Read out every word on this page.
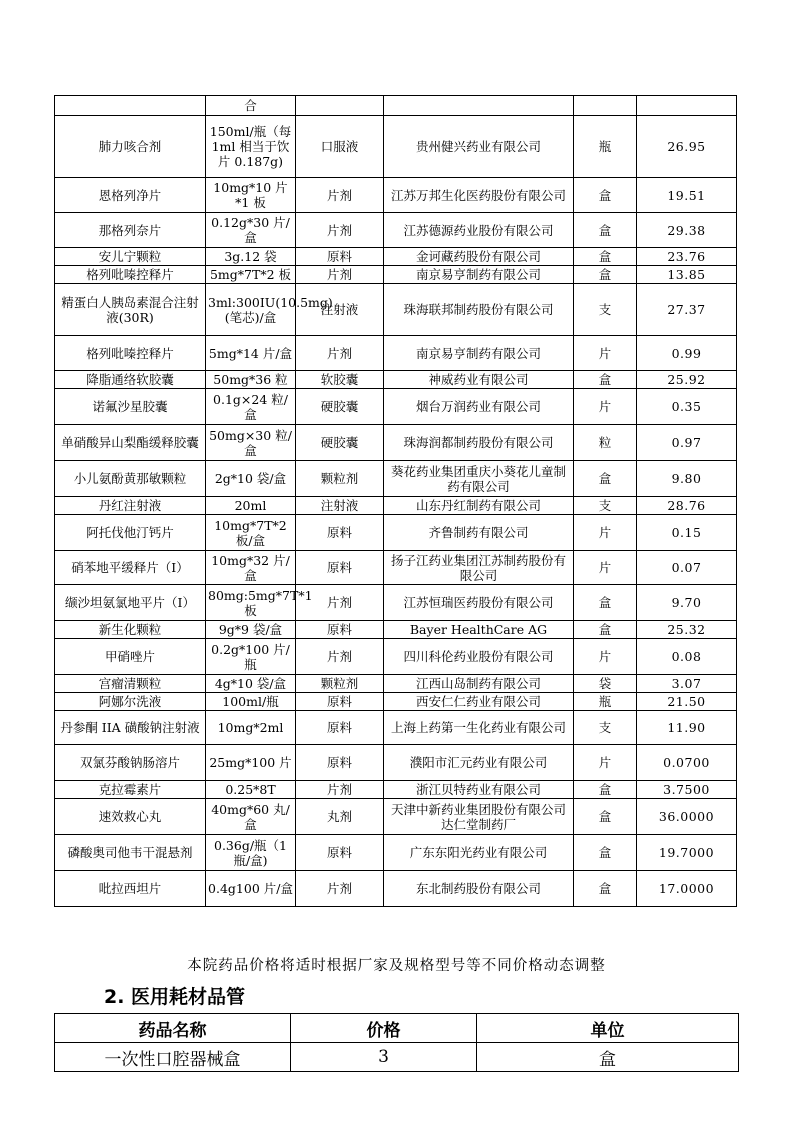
	合				
肺力咳合剂	150ml/瓶（每 1ml 相当于饮片 0.187g)	口服液	贵州健兴药业有限公司	瓶	26.95
恩格列净片	10mg*10 片*1 板	片剂	江苏万邦生化医药股份有限公司	盒	19.51
那格列奈片	0.12g*30 片/盒	片剂	江苏德源药业股份有限公司	盒	29.38
安儿宁颗粒	3g.12 袋	原料	金诃藏药股份有限公司	盒	23.76
格列吡嗪控释片	5mg*7T*2 板	片剂	南京易亨制药有限公司	盒	13.85
精蛋白人胰岛素混合注射液(30R)	3ml:300IU(10.5mg)(笔芯)/盒	注射液	珠海联邦制药股份有限公司	支	27.37
格列吡嗪控释片	5mg*14 片/盒	片剂	南京易亨制药有限公司	片	0.99
降脂通络软胶囊	50mg*36 粒	软胶囊	神威药业有限公司	盒	25.92
诺氟沙星胶囊	0.1g×24 粒/盒	硬胶囊	烟台万润药业有限公司	片	0.35
单硝酸异山梨酯缓释胶囊	50mg×30 粒/盒	硬胶囊	珠海润都制药股份有限公司	粒	0.97
小儿氨酚黄那敏颗粒	2g*10 袋/盒	颗粒剂	葵花药业集团重庆小葵花儿童制药有限公司	盒	9.80
丹红注射液	20ml	注射液	山东丹红制药有限公司	支	28.76
阿托伐他汀钙片	10mg*7T*2 板/盒	原料	齐鲁制药有限公司	片	0.15
硝苯地平缓释片（I）	10mg*32 片/盒	原料	扬子江药业集团江苏制药股份有限公司	片	0.07
缬沙坦氨氯地平片（I）	80mg:5mg*7T*1 板	片剂	江苏恒瑞医药股份有限公司	盒	9.70
新生化颗粒	9g*9 袋/盒	原料	Bayer HealthCare AG	盒	25.32
甲硝唑片	0.2g*100 片/瓶	片剂	四川科伦药业股份有限公司	片	0.08
宫瘤清颗粒	4g*10 袋/盒	颗粒剂	江西山岛制药有限公司	袋	3.07
阿娜尔洗液	100ml/瓶	原料	西安仁仁药业有限公司	瓶	21.50
丹参酮 IIA 磺酸钠注射液	10mg*2ml	原料	上海上药第一生化药业有限公司	支	11.90
双氯芬酸钠肠溶片	25mg*100 片	原料	濮阳市汇元药业有限公司	片	0.0700
克拉霉素片	0.25*8T	片剂	浙江贝特药业有限公司	盒	3.7500
速效救心丸	40mg*60 丸/盒	丸剂	天津中新药业集团股份有限公司达仁堂制药厂	盒	36.0000
磷酸奥司他韦干混悬剂	0.36g/瓶（1瓶/盒)	原料	广东东阳光药业有限公司	盒	19.7000
吡拉西坦片	0.4g100 片/盒	片剂	东北制药股份有限公司	盒	17.0000
本院药品价格将适时根据厂家及规格型号等不同价格动态调整
2. 医用耗材品管
药品名称	价格	单位
一次性口腔器械盒	3	盒
